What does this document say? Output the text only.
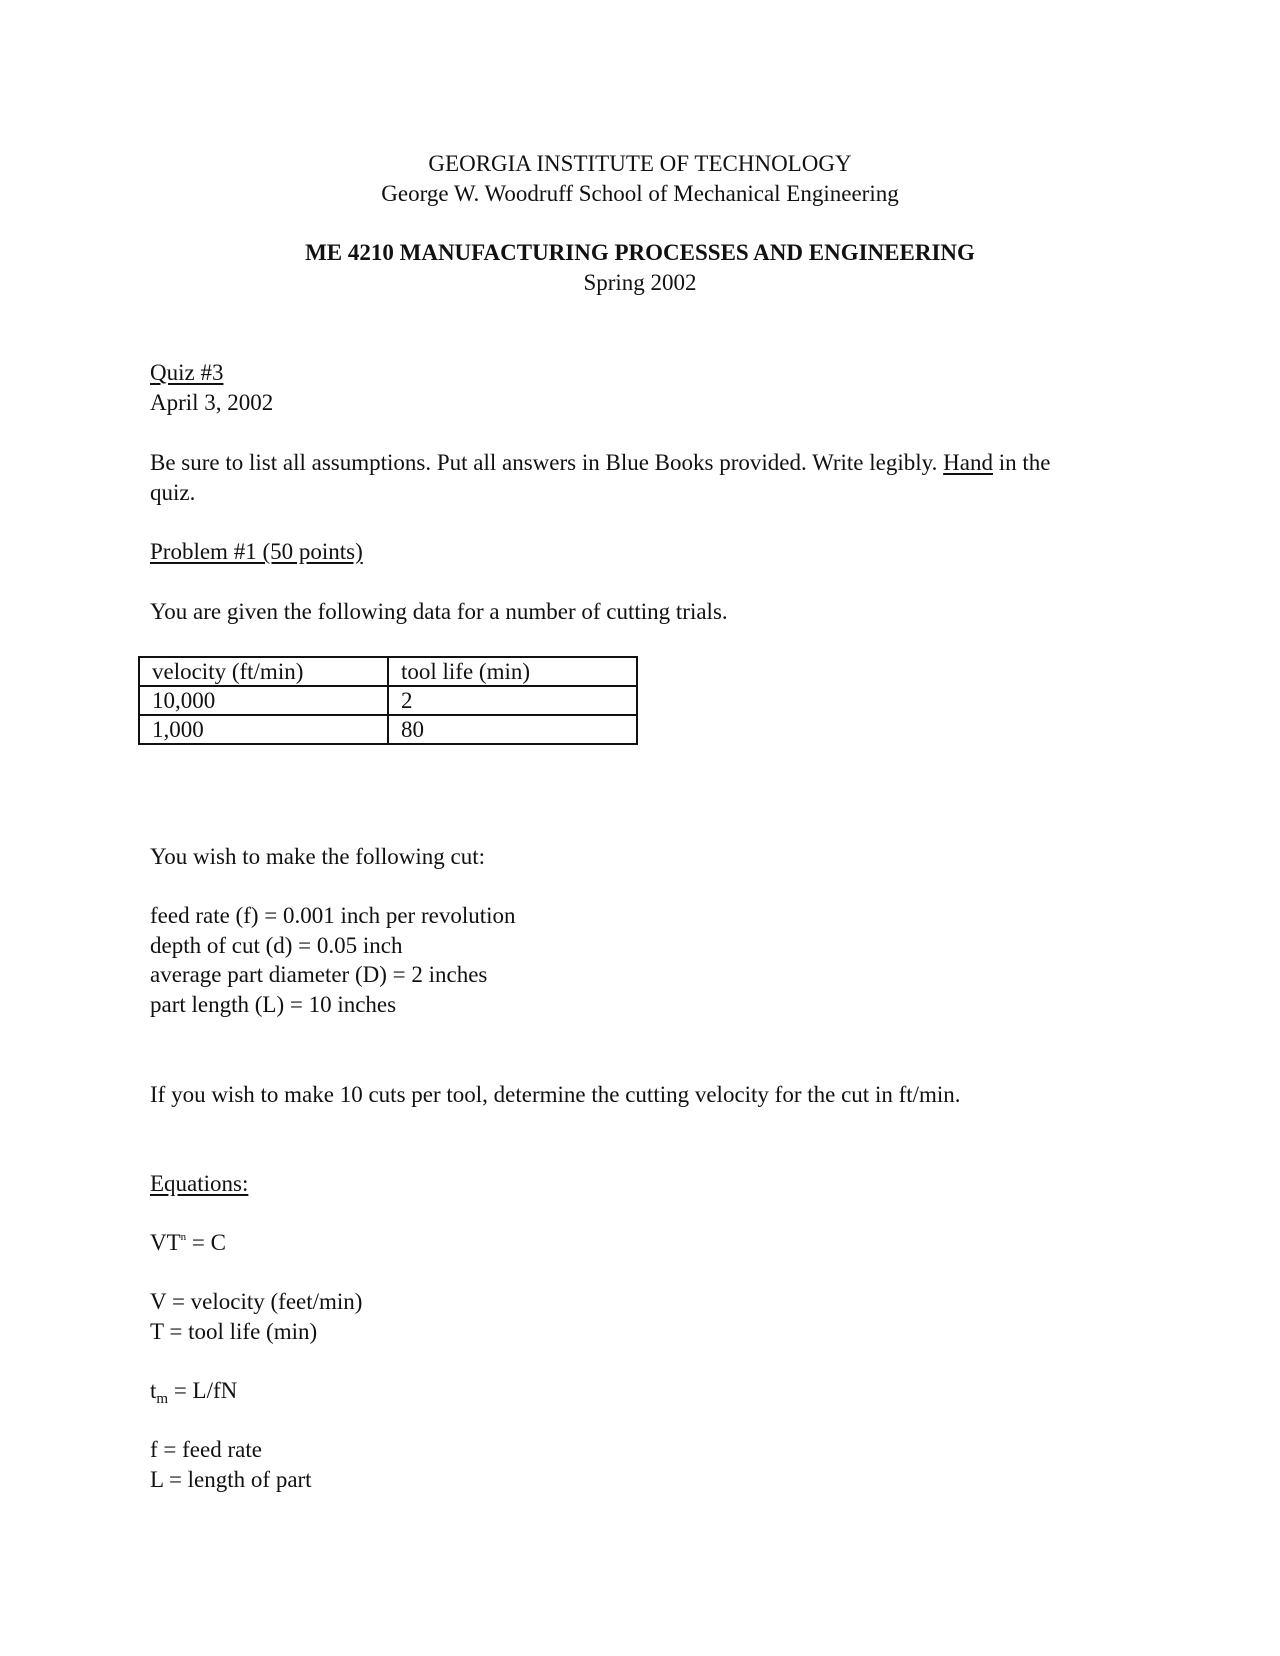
GEORGIA INSTITUTE OF TECHNOLOGY
George W. Woodruff School of Mechanical Engineering
ME 4210 MANUFACTURING PROCESSES AND ENGINEERING
Spring 2002
Quiz #3
April 3, 2002
Be sure to list all assumptions. Put all answers in Blue Books provided. Write legibly. Hand in the quiz.
Problem #1 (50 points)
You are given the following data for a number of cutting trials.
velocity (ft/min)	tool life (min)
10,000	2
1,000	80
You wish to make the following cut:
feed rate (f) = 0.001 inch per revolution
depth of cut (d) = 0.05 inch
average part diameter (D) = 2 inches
part length (L) = 10 inches
If you wish to make 10 cuts per tool, determine the cutting velocity for the cut in ft/min.
Equations:
$VT^n = C$
V = velocity (feet/min)
T = tool life (min)
$t_m = L/fN$
f = feed rate
L = length of part
